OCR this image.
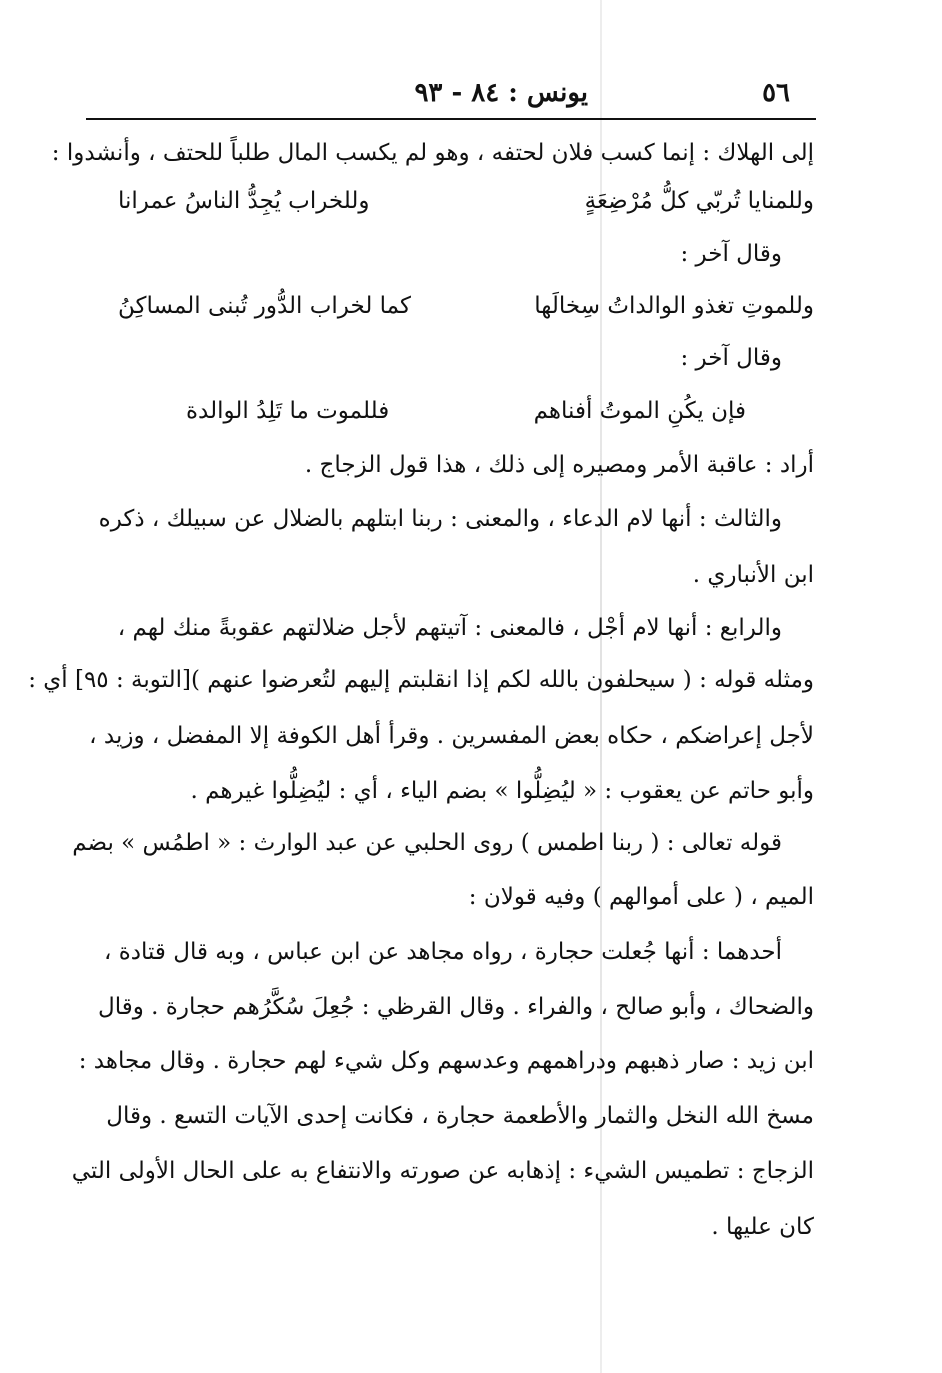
٥٦
يونس : ٨٤ - ٩٣
إلى الهلاك : إنما كسب فلان لحتفه ، وهو لم يكسب المال طلباً للحتف ، وأنشدوا :
وللمنايا تُربّي كلُّ مُرْضِعَةٍ
وللخراب يُجِدُّ الناسُ عمرانا
وقال آخر :
وللموتِ تغذو الوالداتُ سِخالَها
كما لخراب الدُّور تُبنى المساكِنُ
وقال آخر :
فإن يكُنِ الموتُ أفناهم
فللموت ما تَلِدُ الوالدة
أراد : عاقبة الأمر ومصيره إلى ذلك ، هذا قول الزجاج .
والثالث : أنها لام الدعاء ، والمعنى : ربنا ابتلهم بالضلال عن سبيلك ، ذكره
ابن الأنباري .
والرابع : أنها لام أجْل ، فالمعنى : آتيتهم لأجل ضلالتهم عقوبةً منك لهم ،
ومثله قوله : ( سيحلفون بالله لكم إذا انقلبتم إليهم لتُعرضوا عنهم )[التوبة : ٩٥] أي :
لأجل إعراضكم ، حكاه بعض المفسرين . وقرأ أهل الكوفة إلا المفضل ، وزيد ،
وأبو حاتم عن يعقوب : « ليُضِلُّوا » بضم الياء ، أي : ليُضِلُّوا غيرهم .
قوله تعالى : ( ربنا اطمس ) روى الحلبي عن عبد الوارث : « اطمُس » بضم
الميم ، ( على أموالهم ) وفيه قولان :
أحدهما : أنها جُعلت حجارة ، رواه مجاهد عن ابن عباس ، وبه قال قتادة ،
والضحاك ، وأبو صالح ، والفراء . وقال القرظي : جُعِلَ سُكَّرُهم حجارة . وقال
ابن زيد : صار ذهبهم ودراهمهم وعدسهم وكل شيء لهم حجارة . وقال مجاهد :
مسخ الله النخل والثمار والأطعمة حجارة ، فكانت إحدى الآيات التسع . وقال
الزجاج : تطميس الشيء : إذهابه عن صورته والانتفاع به على الحال الأولى التي
كان عليها .
